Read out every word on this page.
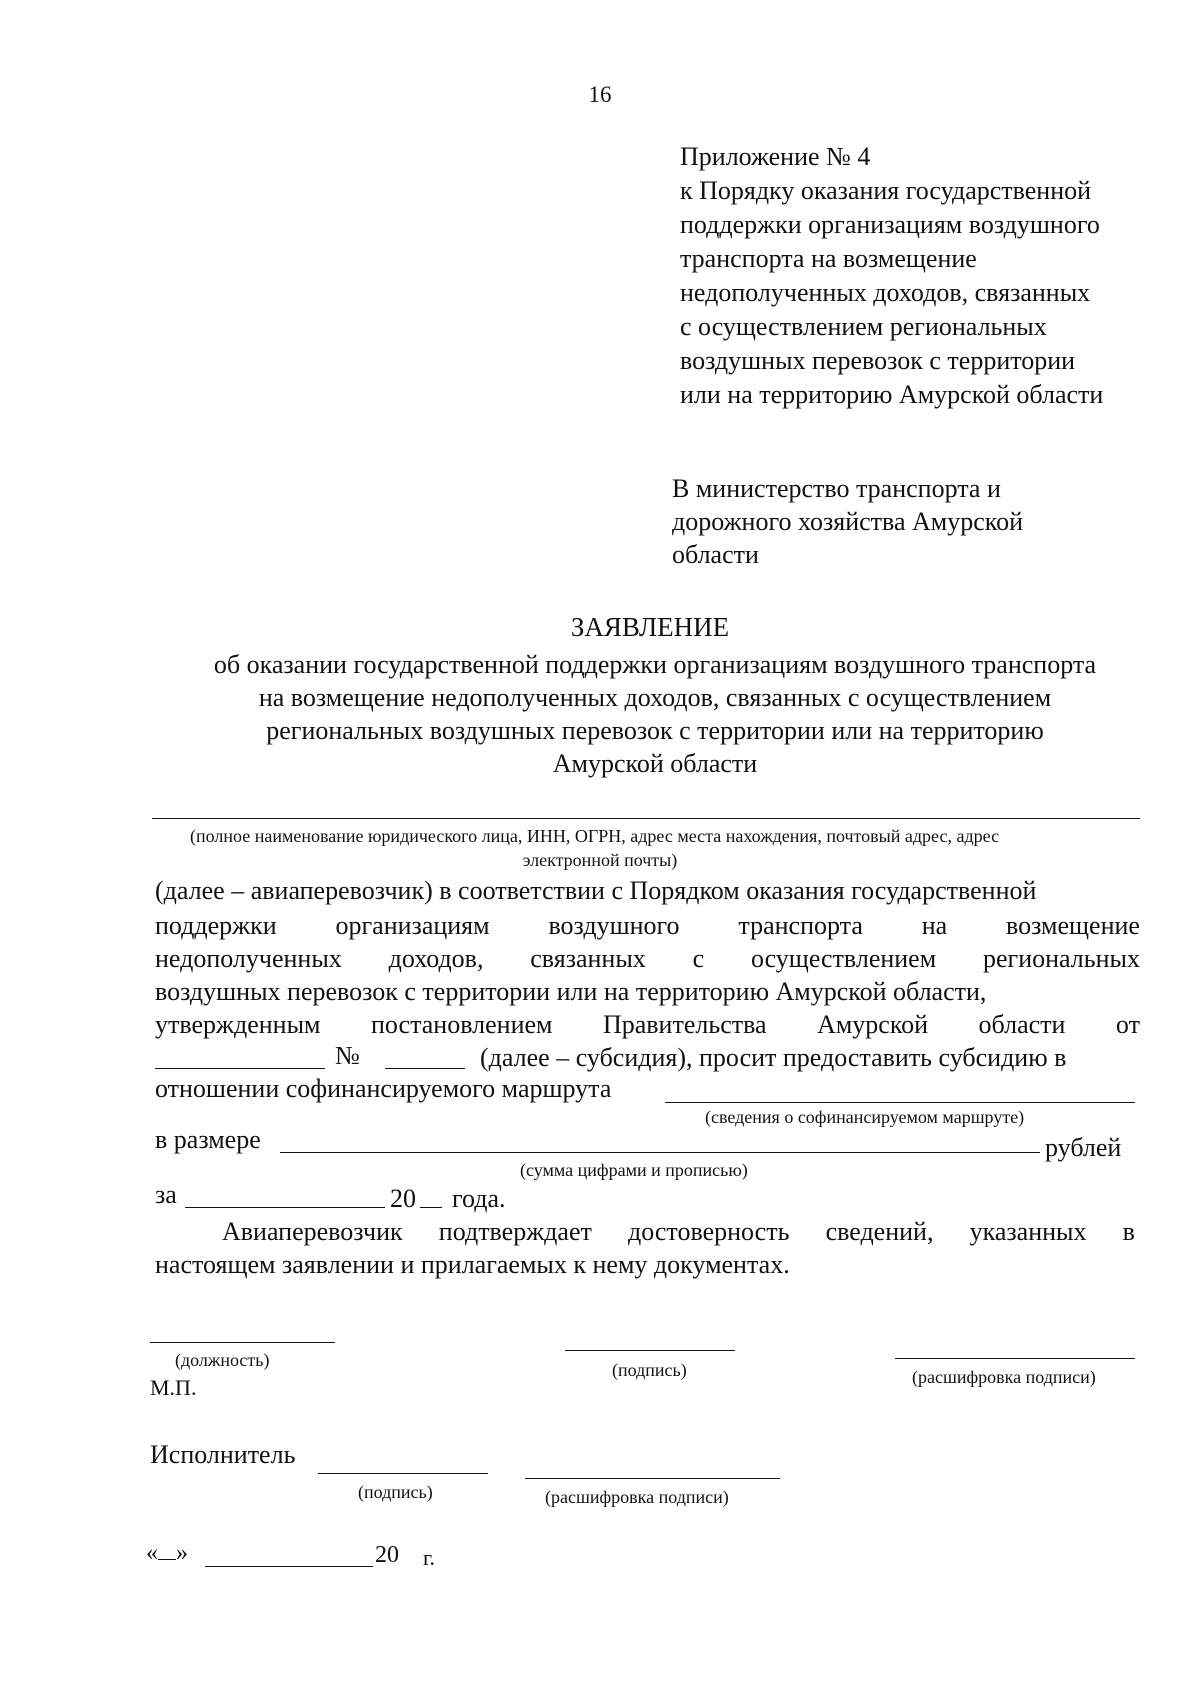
16
Приложение № 4
к Порядку оказания государственной
поддержки организациям воздушного
транспорта на возмещение
недополученных доходов, связанных
с осуществлением региональных
воздушных перевозок с территории
или на территорию Амурской области
В министерство транспорта и
дорожного хозяйства Амурской
области
ЗАЯВЛЕНИЕ
об оказании государственной поддержки организациям воздушного транспорта
на возмещение недополученных доходов, связанных с осуществлением
региональных воздушных перевозок с территории или на территорию
Амурской области
(полное наименование юридического лица, ИНН, ОГРН, адрес места нахождения, почтовый адрес, адрес
электронной почты)
(далее – авиаперевозчик) в соответствии с Порядком оказания государственной
поддержки организациям воздушного транспорта на возмещение
недополученных доходов, связанных с осуществлением региональных
воздушных перевозок с территории или на территорию Амурской области,
утвержденным постановлением Правительства Амурской области от
№	(далее – субсидия), просит предоставить субсидию в
отношении софинансируемого маршрута
(сведения о софинансируемом маршруте)
в размере	рублей
(сумма цифрами и прописью)
за	20 года.
Авиаперевозчик подтверждает достоверность сведений, указанных в
настоящем заявлении и прилагаемых к нему документах.
(должность)
М.П.
(подпись)	(расшифровка подписи)
Исполнитель
(подпись)	(расшифровка подписи)
« »	20 г.
